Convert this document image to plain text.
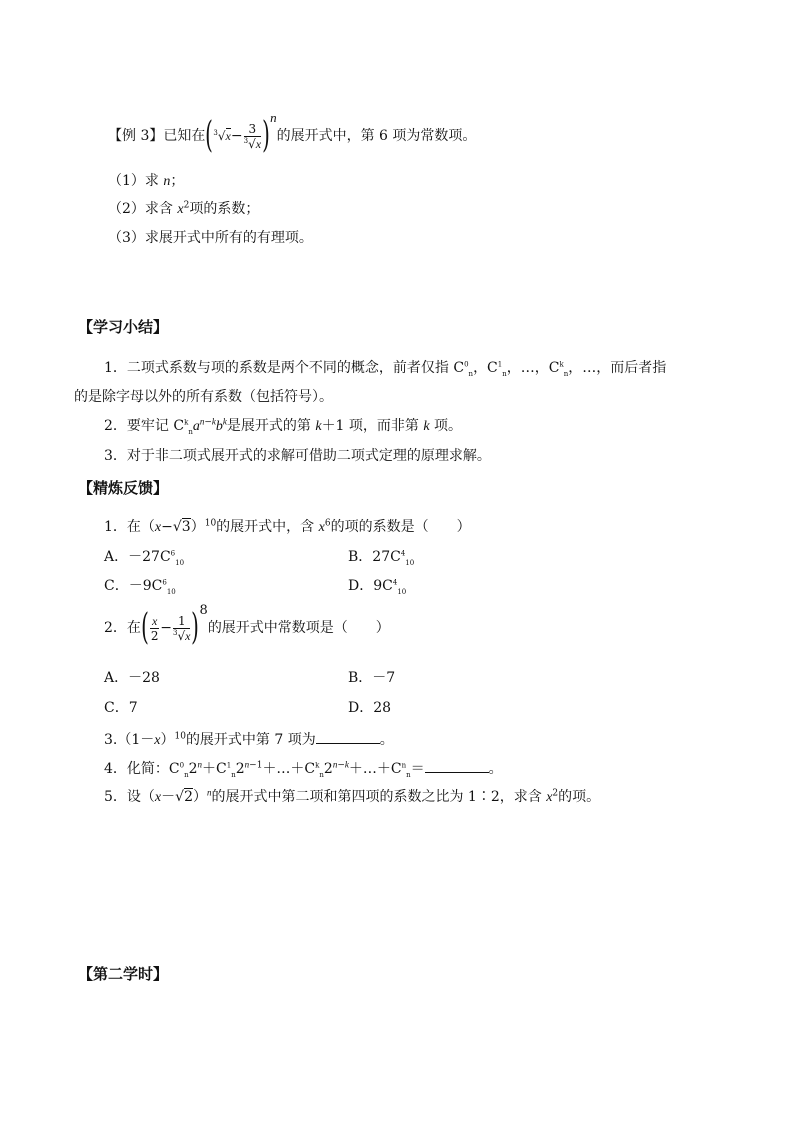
【例 3】已知在$(^3√x- \frac{3}{^3√x} )^n$的展开式中，第 6 项为常数项。
（1）求 n；
（2）求含 $x^2$项的系数；
（3）求展开式中所有的有理项。
【学习小结】
1．二项式系数与项的系数是两个不同的概念，前者仅指 $C^0_n$，$C^1_n$，…，$C^k_n$，…，而后者指
的是除字母以外的所有系数（包括符号）。
2．要牢记 $C^k_na^{n-k}b^k$是展开式的第 k＋1 项，而非第 k 项。
3．对于非二项式展开式的求解可借助二项式定理的原理求解。
【精炼反馈】
1．在$(x-√3)^{10}$的展开式中，含 $x^6$的项的系数是（　　）
A．$-27C^6_{10}$	B．$27C^4_{10}$
C．$-9C^6_{10}$	D．$9C^4_{10}$
2．在( $\frac{x}{2} - \frac{1}{^3√x} )^8$的展开式中常数项是（　　）
A．－28	B．－7
C．7	D．28
$3.(1-x)^{10}$的展开式中第 7 项为	。
4．化简：$C^0_n2^n+C^1_n2^{n-1}+\dots+C^k_n2^{n-k}+\dots+C^n_n=$	。
5．设$(x-√2)^n$的展开式中第二项和第四项的系数之比为 1∶2，求含 $x^2$的项。
【第二学时】
